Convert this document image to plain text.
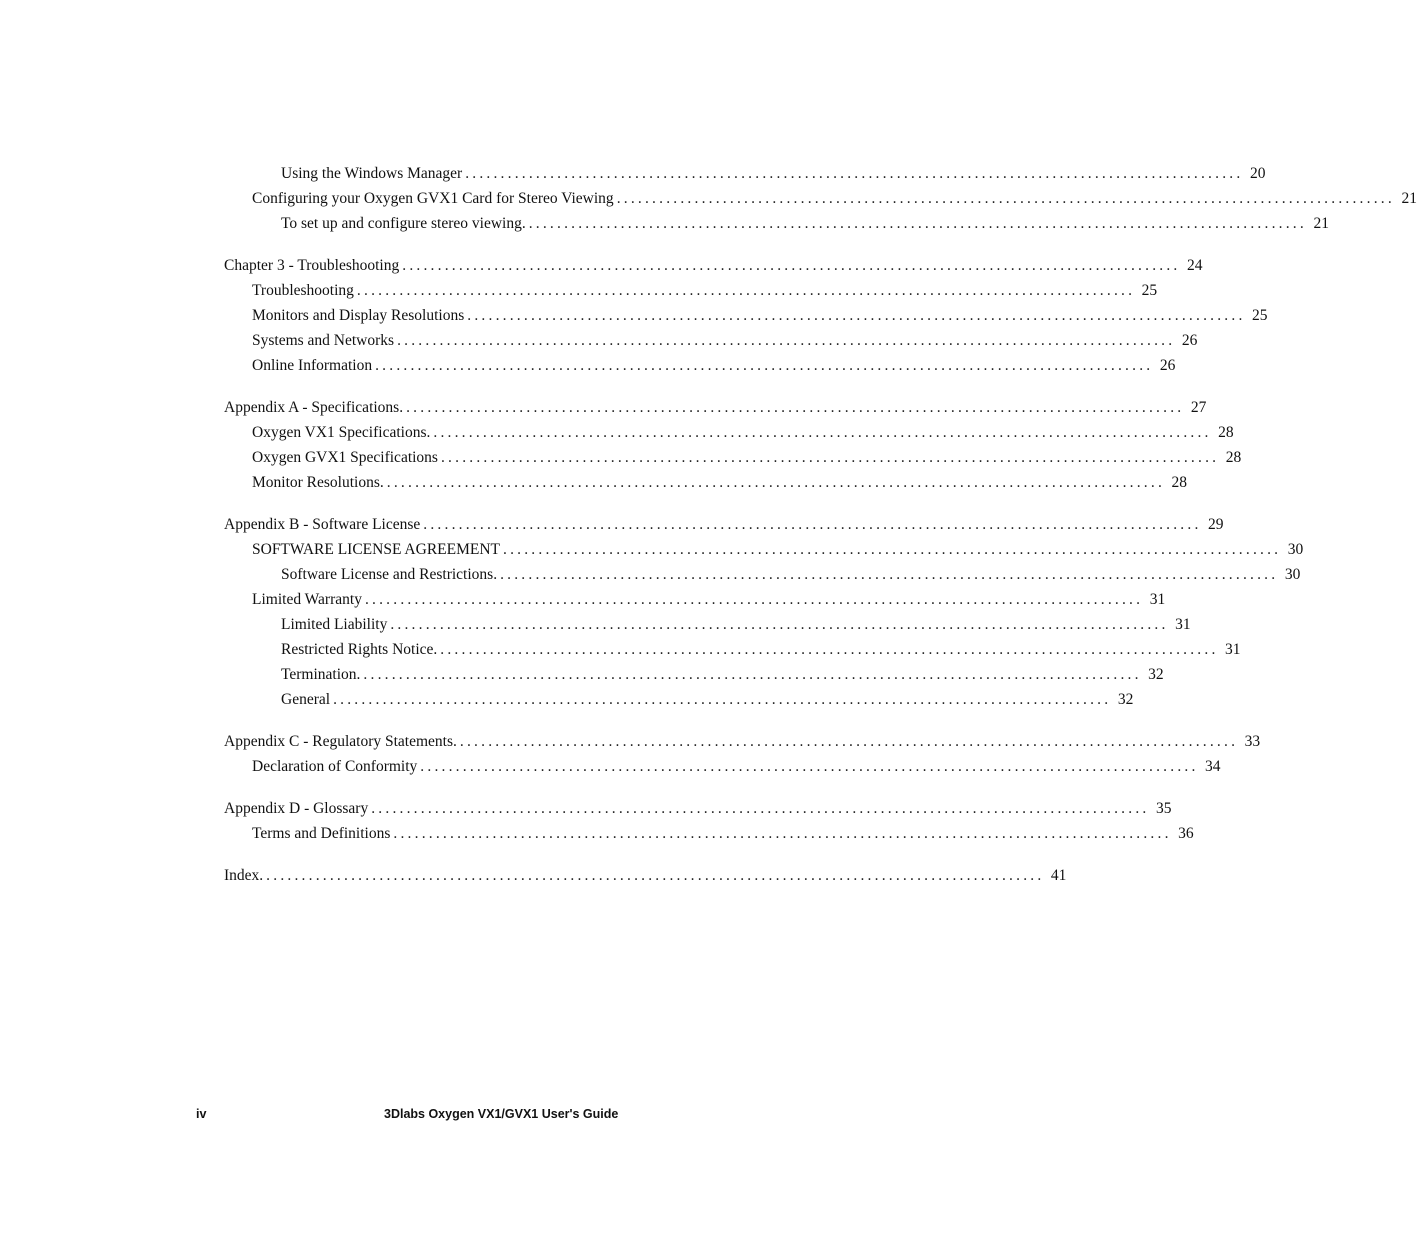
Using the Windows Manager .............................................................................................................. 20
Configuring your Oxygen GVX1 Card for Stereo Viewing .............................................................................................................. 21
To set up and configure stereo viewing. .............................................................................................................. 21
Chapter 3 - Troubleshooting .............................................................................................................. 24
Troubleshooting .............................................................................................................. 25
Monitors and Display Resolutions .............................................................................................................. 25
Systems and Networks .............................................................................................................. 26
Online Information .............................................................................................................. 26
Appendix A - Specifications. .............................................................................................................. 27
Oxygen VX1 Specifications. .............................................................................................................. 28
Oxygen GVX1 Specifications .............................................................................................................. 28
Monitor Resolutions. .............................................................................................................. 28
Appendix B - Software License .............................................................................................................. 29
SOFTWARE LICENSE AGREEMENT .............................................................................................................. 30
Software License and Restrictions. .............................................................................................................. 30
Limited Warranty .............................................................................................................. 31
Limited Liability .............................................................................................................. 31
Restricted Rights Notice. .............................................................................................................. 31
Termination. .............................................................................................................. 32
General .............................................................................................................. 32
Appendix C - Regulatory Statements. .............................................................................................................. 33
Declaration of Conformity .............................................................................................................. 34
Appendix D - Glossary .............................................................................................................. 35
Terms and Definitions .............................................................................................................. 36
Index. .............................................................................................................. 41
iv	3Dlabs Oxygen VX1/GVX1 User's Guide
